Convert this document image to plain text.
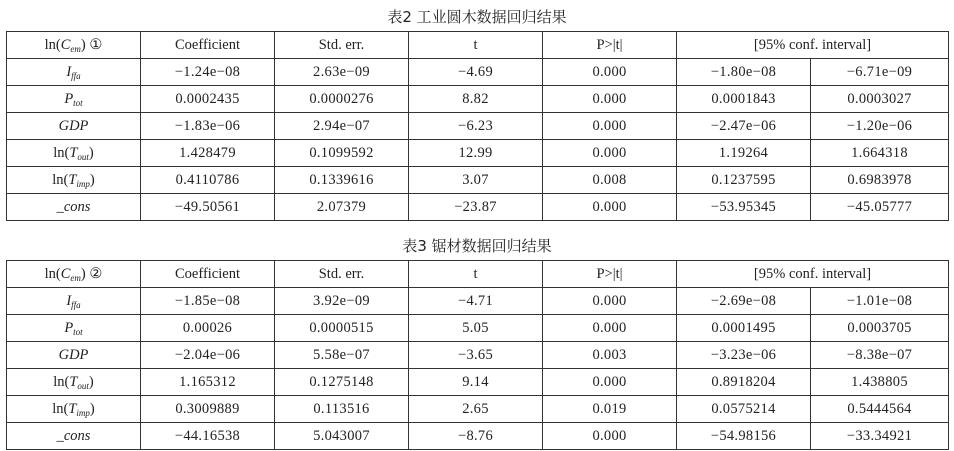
表2 工业圆木数据回归结果
$\ln(C_{em})$ ①	Coefficient	Std. err.	t	P>|t|	[95% conf. interval]	
$I_{ffa}$	−1.24e−08	2.63e−09	−4.69	0.000	−1.80e−08	−6.71e−09
$P_{tot}$	0.0002435	0.0000276	8.82	0.000	0.0001843	0.0003027
GDP	−1.83e−06	2.94e−07	−6.23	0.000	−2.47e−06	−1.20e−06
$\ln(T_{out})$	1.428479	0.1099592	12.99	0.000	1.19264	1.664318
$\ln(T_{imp})$	0.4110786	0.1339616	3.07	0.008	0.1237595	0.6983978
_cons	−49.50561	2.07379	−23.87	0.000	−53.95345	−45.05777
表3 锯材数据回归结果
$\ln(C_{em})$ ②	Coefficient	Std. err.	t	P>|t|	[95% conf. interval]	
$I_{ffa}$	−1.85e−08	3.92e−09	−4.71	0.000	−2.69e−08	−1.01e−08
$P_{tot}$	0.00026	0.0000515	5.05	0.000	0.0001495	0.0003705
GDP	−2.04e−06	5.58e−07	−3.65	0.003	−3.23e−06	−8.38e−07
$\ln(T_{out})$	1.165312	0.1275148	9.14	0.000	0.8918204	1.438805
$\ln(T_{imp})$	0.3009889	0.113516	2.65	0.019	0.0575214	0.5444564
_cons	−44.16538	5.043007	−8.76	0.000	−54.98156	−33.34921
